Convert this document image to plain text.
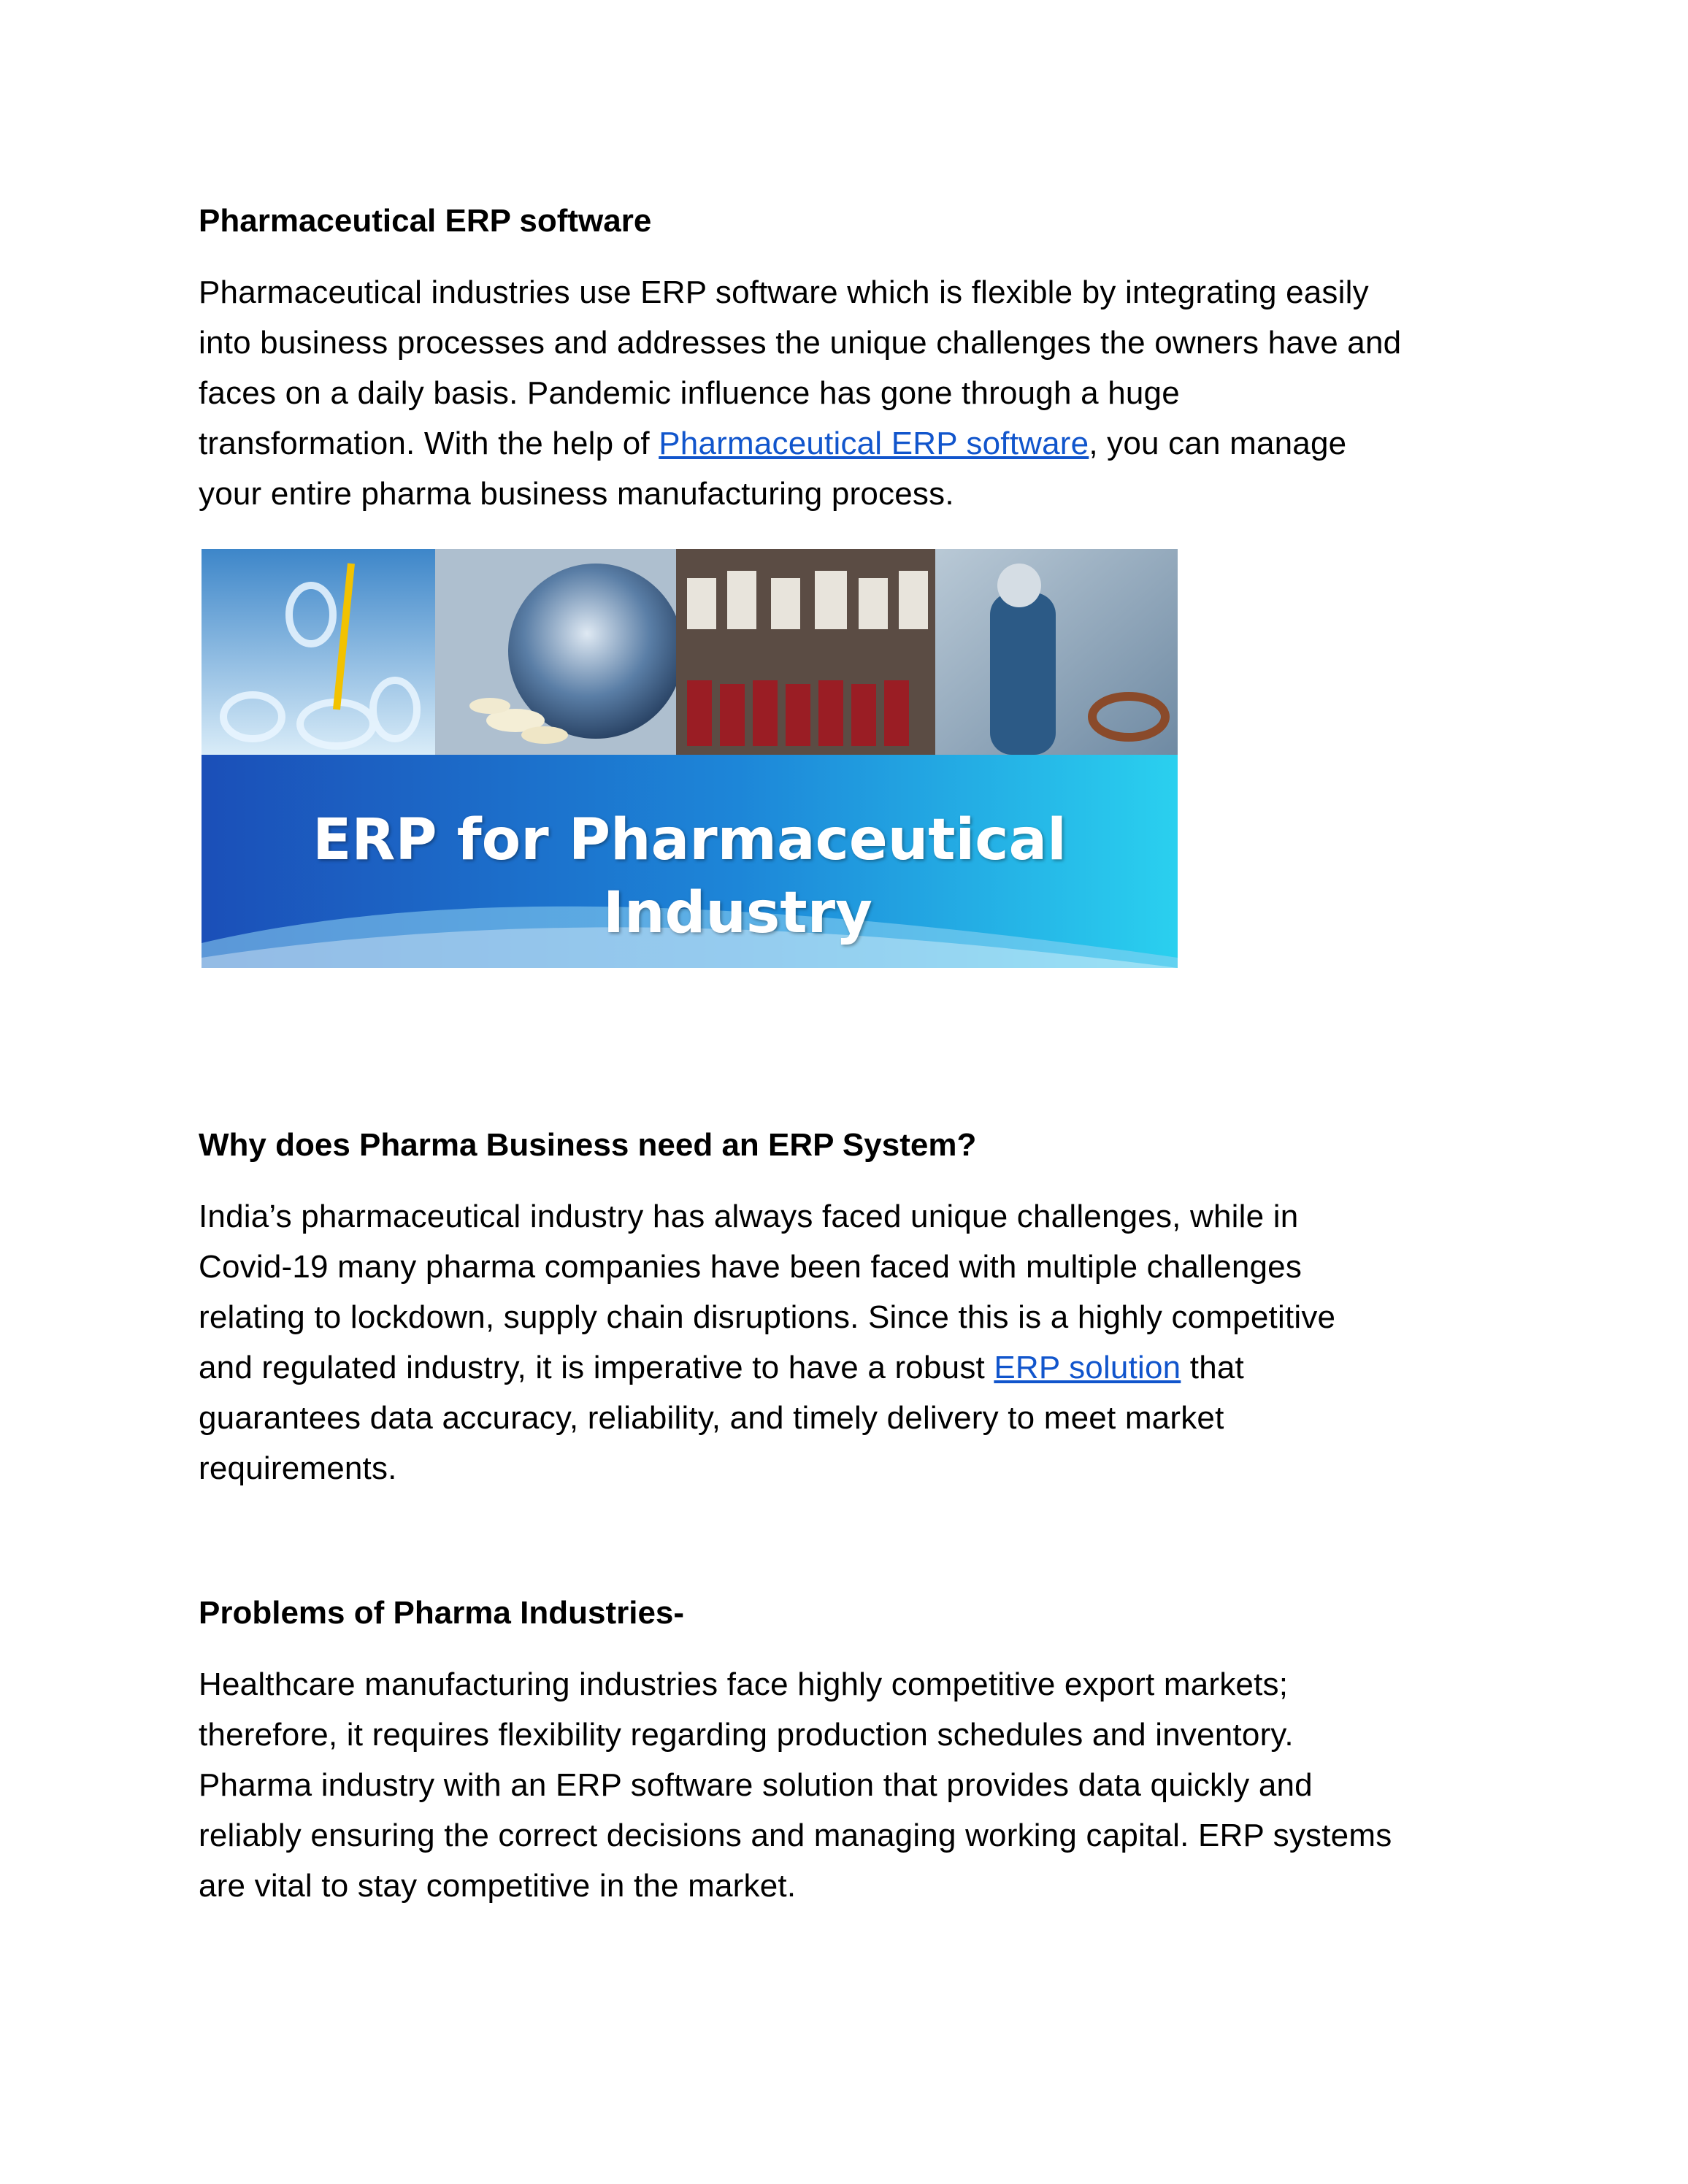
Pharmaceutical ERP software

Pharmaceutical industries use ERP software which is flexible by integrating easily
into business processes and addresses the unique challenges the owners have and
faces on a daily basis. Pandemic influence has gone through a huge
transformation. With the help of Pharmaceutical ERP software, you can manage
your entire pharma business manufacturing process.

ERP for Pharmaceutical
Industry
Why does Pharma Business need an ERP System?

India’s pharmaceutical industry has always faced unique challenges, while in
Covid-19 many pharma companies have been faced with multiple challenges
relating to lockdown, supply chain disruptions. Since this is a highly competitive
and regulated industry, it is imperative to have a robust ERP solution that
guarantees data accuracy, reliability, and timely delivery to meet market
requirements.

Problems of Pharma Industries-

Healthcare manufacturing industries face highly competitive export markets;
therefore, it requires flexibility regarding production schedules and inventory.
Pharma industry with an ERP software solution that provides data quickly and
reliably ensuring the correct decisions and managing working capital. ERP systems
are vital to stay competitive in the market.
